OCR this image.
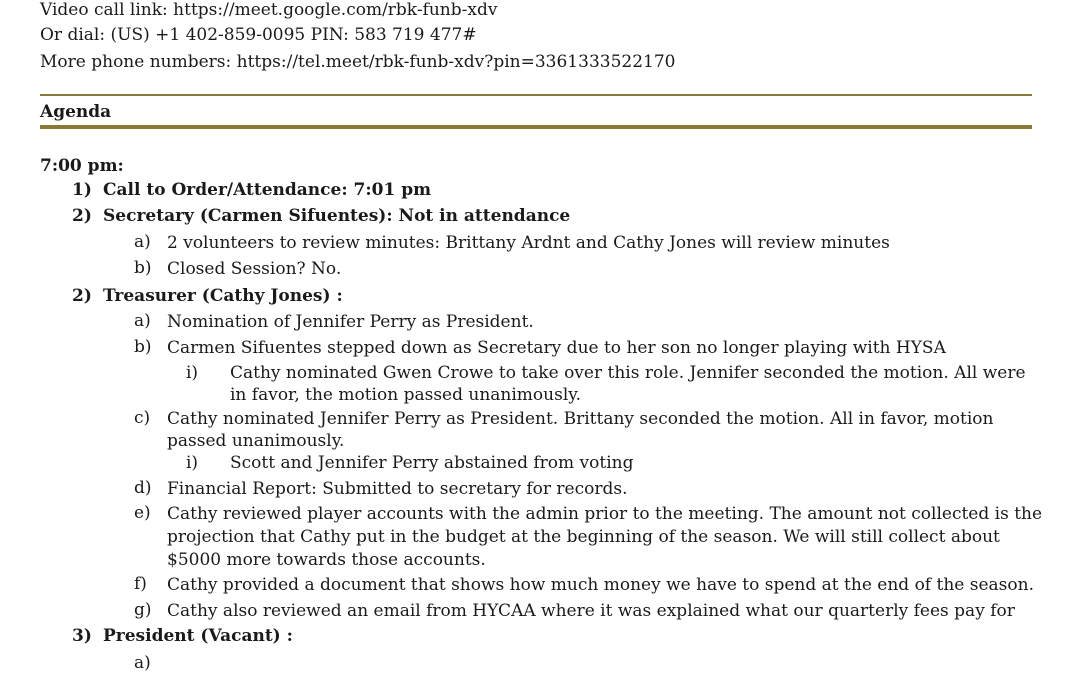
Video call link: https://meet.google.com/rbk-funb-xdv
Or dial: (US) +1 402-859-0095 PIN: 583 719 477#
More phone numbers: https://tel.meet/rbk-funb-xdv?pin=3361333522170
Agenda
7:00 pm:
1) Call to Order/Attendance: 7:01 pm
2) Secretary (Carmen Sifuentes): Not in attendance
a) 2 volunteers to review minutes: Brittany Ardnt and Cathy Jones will review minutes
b) Closed Session? No.
2) Treasurer (Cathy Jones) :
a) Nomination of Jennifer Perry as President.
b) Carmen Sifuentes stepped down as Secretary due to her son no longer playing with HYSA
i) Cathy nominated Gwen Crowe to take over this role. Jennifer seconded the motion. All were
in favor, the motion passed unanimously.
c) Cathy nominated Jennifer Perry as President. Brittany seconded the motion. All in favor, motion
passed unanimously.
i) Scott and Jennifer Perry abstained from voting
d) Financial Report: Submitted to secretary for records.
e) Cathy reviewed player accounts with the admin prior to the meeting. The amount not collected is the
projection that Cathy put in the budget at the beginning of the season. We will still collect about
$5000 more towards those accounts.
f) Cathy provided a document that shows how much money we have to spend at the end of the season.
g) Cathy also reviewed an email from HYCAA where it was explained what our quarterly fees pay for
3) President (Vacant) :
a)
